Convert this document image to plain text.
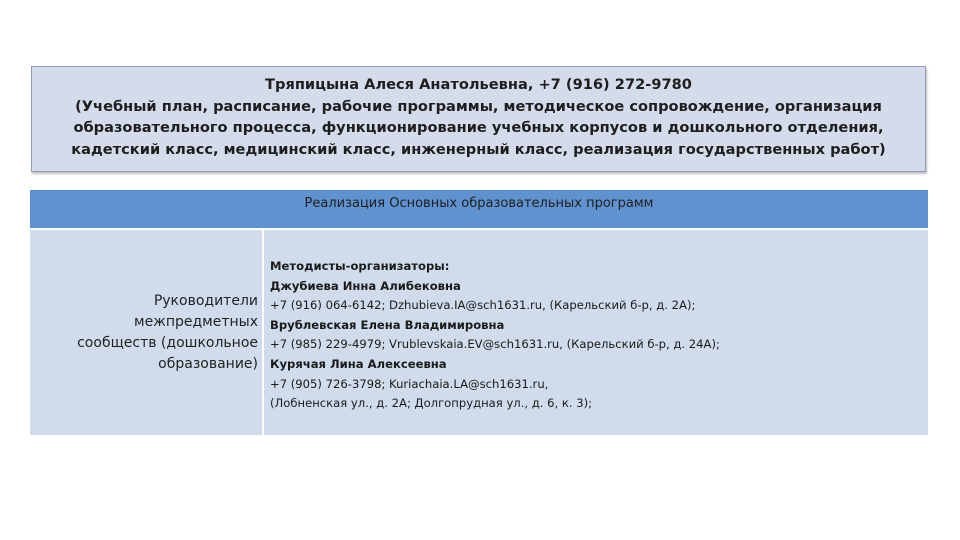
Тряпицына Алеся Анатольевна, +7 (916) 272-9780
(Учебный план, расписание, рабочие программы, методическое сопровождение, организация
образовательного процесса, функционирование учебных корпусов и дошкольного отделения,
кадетский класс, медицинский класс, инженерный класс, реализация государственных работ)
Реализация Основных образовательных программ
Руководители
межпредметных
сообществ (дошкольное
образование)
Методисты-организаторы:
Джубиева Инна Алибековна
+7 (916) 064-6142; Dzhubieva.IA@sch1631.ru, (Карельский б-р, д. 2А);
Врублевская Елена Владимировна
+7 (985) 229-4979; Vrublevskaia.EV@sch1631.ru, (Карельский б-р, д. 24А);
Курячая Лина Алексеевна
+7 (905) 726-3798; Kuriachaia.LA@sch1631.ru,
(Лобненская ул., д. 2А; Долгопрудная ул., д. 6, к. 3);
